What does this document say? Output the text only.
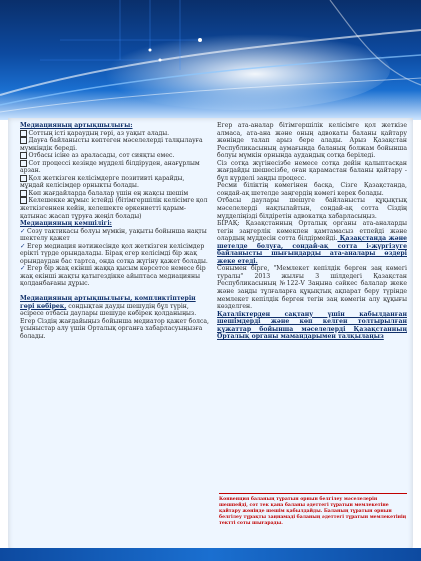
Медиацияның артықшылығы:

Соттың істі қараудың гөрі, аз уақыт алады.

Дауға байланысты көптеген мәселелерді талқылауға мүмкіндік береді.

Отбасы ісіне аз араласады, сот сияқты емес.

Сот процессі кезінде мүдделі білдіруден, анағұрлым арзан.

Қол жеткізген келісімдерге позитивті қарайды, мұндай келісімдер орныкты болады.

Көп жағдайларда балалар үшін ең жақсы шешім

Келешекке жұмыс істейді (бітімгершілік келісімге қол жеткізгеннен кейін, келешекте өркениетті қарым-қатынас жасап тұруға жеңіл болады)

Медиацияның кемшілігі:

✓ Созу тактикасы болуы мүмкін, уақыты бойынша нақты шектелу қажет

✓ Егер медиация нәтижесінде қол жеткізген келісімдер ерікті түрде орындалады. Бірақ егер келісімді бір жақ орындаудан бас тартса, онда сотқа жүгіну қажет болады.

✓ Егер бір жақ екінші жаққа қысым көрсетсе немесе бір жақ екінші жақты қатыгездікке айыптаса медиацияны қолданбағаны дұрыс.

Медиацияның артықшылығы, компликтіптерін гөрі көбірек, сондықтан дауды шешудің бұл түрін, әсіресе отбасы даулары шешуде көбірек қолданыңыз. Егер Сіздің жағдайыңыз бойынша медиатор қажет болса, ұсыныстар алу үшін Орталық органға хабарласуыңызға болады.

Егер ата-аналар бітімгершілік келісімге қол жеткізе алмаса, ата-ана және оның адвокаты баланы қайтару жөнінде талап арыз бере алады. Арыз Қазақстан Республикасының аумағында баланың болжам бойынша болуы мүмкін орнында аудандық сотқа беріледі.

Сіз сотқа жүгінесізбе немесе сотқа дейін қалыптасқан жағдайды шешесізбе, оған қарамастан баланы қайтару - бұл күрделі заңды процесс.

Ресми біліктің көмегінен басқа, Сізге Қазақстанда, сондай-ақ шетелде заңгердің көмегі керек болады.

Отбасы даулары шешуге байланысты құқықтық мәселелерді нақтылайтын, сондай-ақ сотта Сіздің мүдделіңізді білдіретін адвокатқа хабарласыңыз.

БІРАҚ: Қазақстанның Орталық органы ата-аналарды тегін заңгерлік көмекпен қамтамасыз етпейді және олардың мүддесін сотта білдірмейді. Қазақстанда және шетелде болуға, сондай-ақ сотта і-жүргізуге байланысты шығындарды ата-аналары өздері жеке етеді.

Сонымен бірге, "Мемлекет кепілдік берген заң көмегі туралы" 2013 жылғы 3 шілдедегі Қазақстан Республикасының №122-V Заңына сәйкес балалар жеке және заңды тұлғаларға құқықтық ақпарат беру түрінде мемлекет кепілдік берген тегін заң көмегін алу құқығы көзделген.

Қаталіктерден сақтану үшін кабылданған шешімдерді және көп келген толтырылған құжаттар бойынша мәселелерді Қазақстанның Орталық органы мамандарымен талқылаңыз

Конвенция баланың тұратын орнын белгілеу мәселелерін шешпейді, сот тек қана баланы әдеттегі тұратын мемлекетіне қайтару жөнінде шешім қабылдайды. Баланың тұратын орнын белгілеу тұрақты заңнамаді баланың әдеттегі тұратын мемлекетінің тектті соты шығарады.
